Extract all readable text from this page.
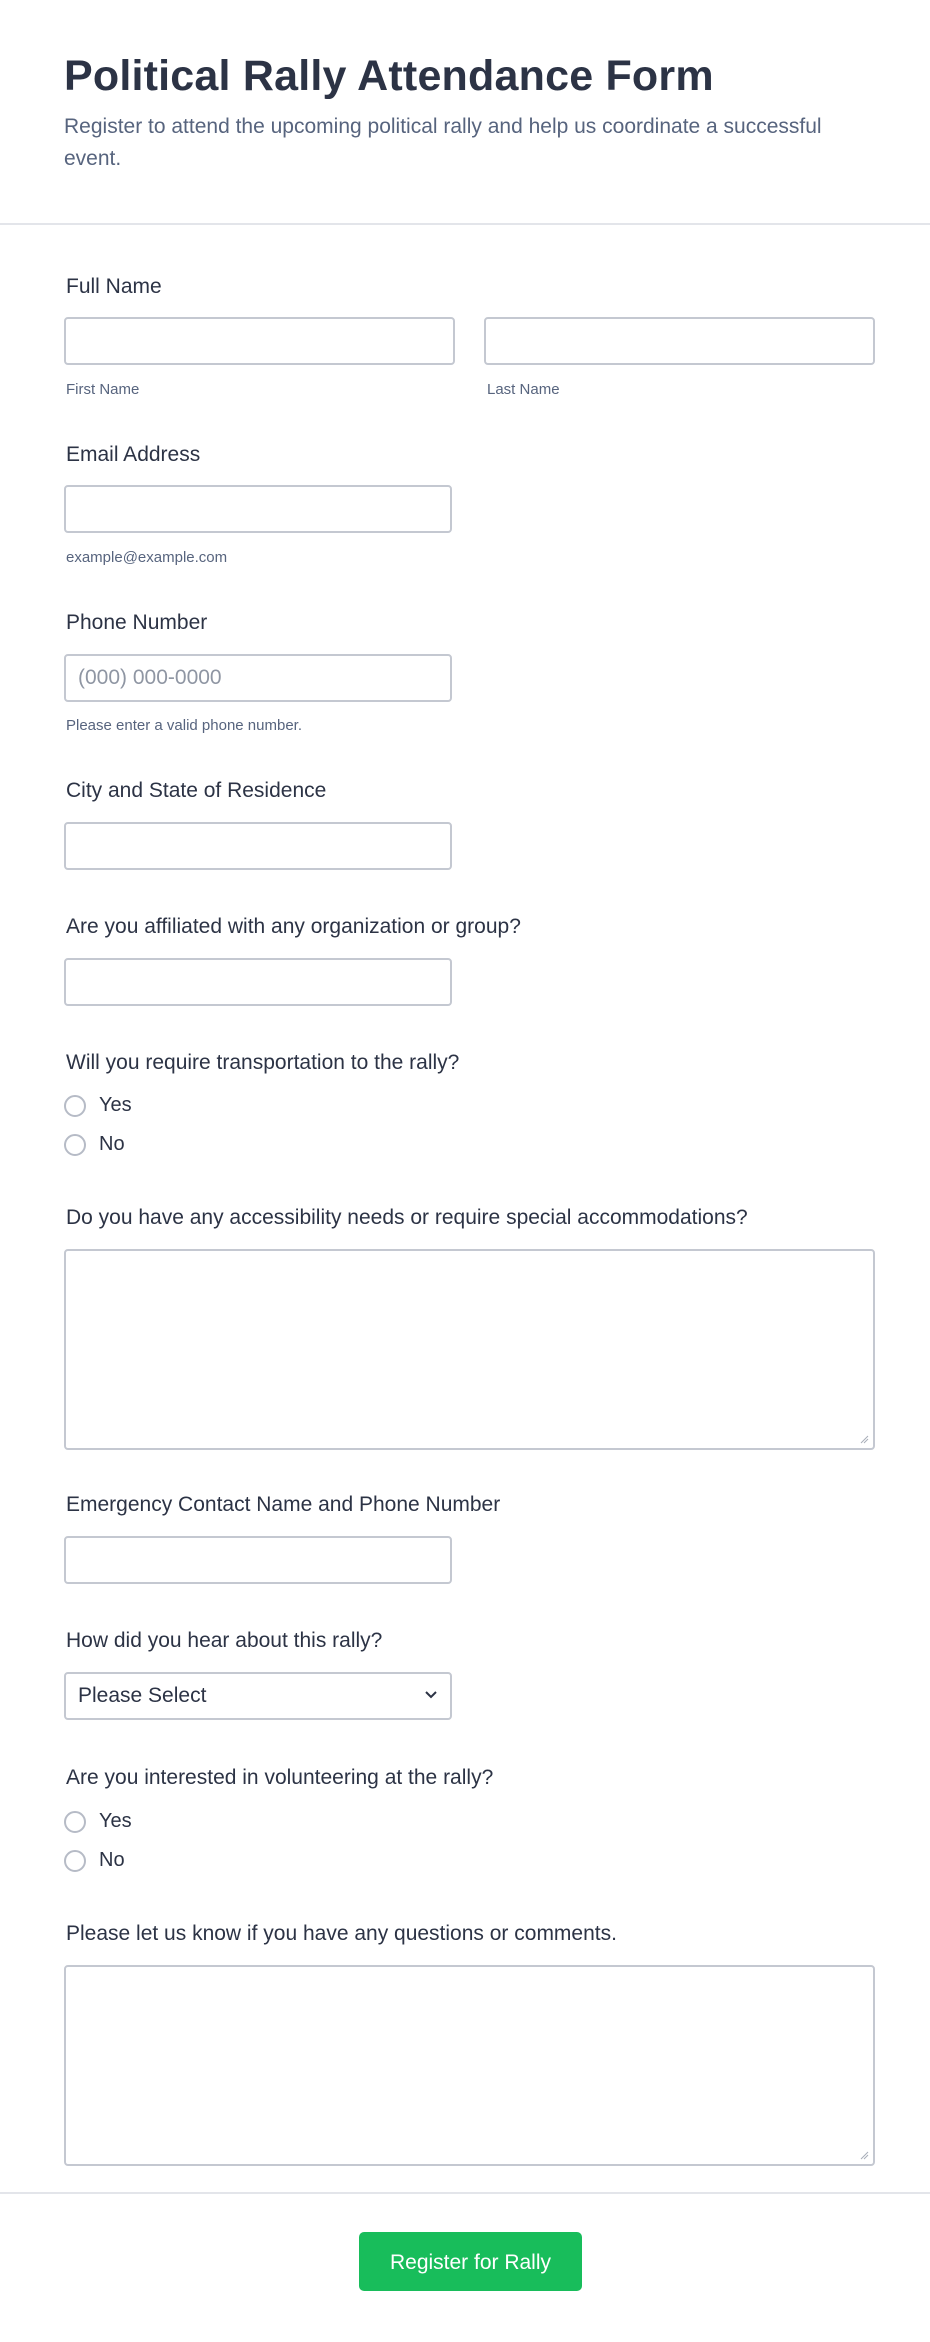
Political Rally Attendance Form

Register to attend the upcoming political rally and help us coordinate a successful event.

Full Name
First Name	Last Name
Email Address
example@example.com
Phone Number
(000) 000-0000
Please enter a valid phone number.
City and State of Residence
Are you affiliated with any organization or group?
Will you require transportation to the rally?
Yes
No
Do you have any accessibility needs or require special accommodations?
Emergency Contact Name and Phone Number
How did you hear about this rally?
Please Select
Are you interested in volunteering at the rally?
Yes
No
Please let us know if you have any questions or comments.
Register for Rally
